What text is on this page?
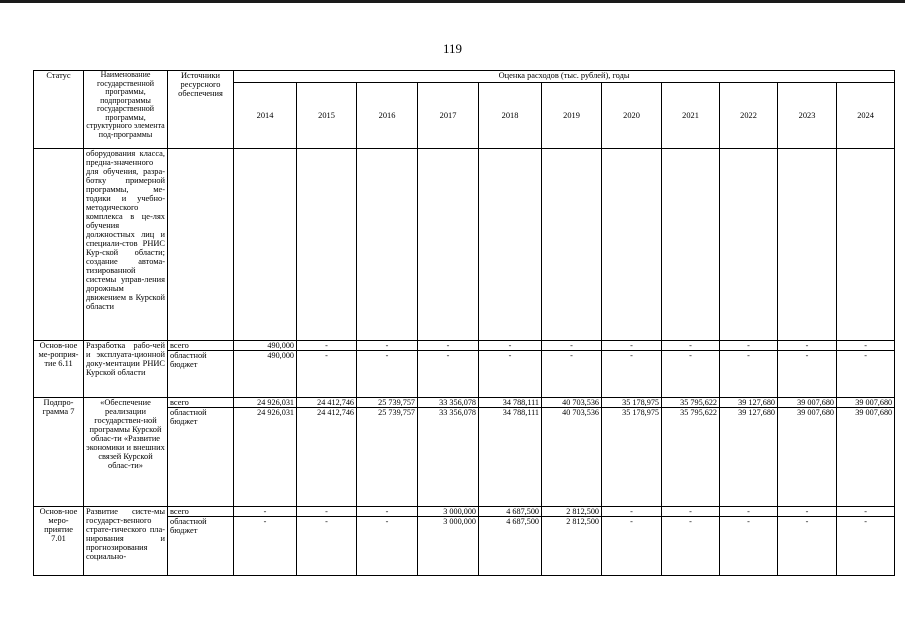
119
Статус	Наименование государственной программы, подпрограммы государственной программы, структурного элемента под-программы	Источники ресурсного обеспечения	Оценка расходов (тыс. рублей), годы										
			2014	2015	2016	2017	2018	2019	2020	2021	2022	2023	2024
	оборудования класса, предна-значенного для обучения, разра-ботку примерной программы, ме-тодики и учебно-методического комплекса в це-лях обучения должностных лиц и специали-стов РНИС Кур-ской области; создание автома-тизированной системы управ-ления дорожным движением в Курской области												
Основ-ное ме-роприя-тие 6.11	Разработка рабо-чей и эксплуата-ционной доку-ментации РНИС Курской области	всего	490,000	-	-	-	-	-	-	-	-	-	-
		областной бюджет	490,000	-	-	-	-	-	-	-	-	-	-
Подпро-грамма 7	«Обеспечение реализации государствен-ной программы Курской облас-ти «Развитие экономики и внешних связей Курской облас-ти»	всего	24 926,031	24 412,746	25 739,757	33 356,078	34 788,111	40 703,536	35 178,975	35 795,622	39 127,680	39 007,680	39 007,680
		областной бюджет	24 926,031	24 412,746	25 739,757	33 356,078	34 788,111	40 703,536	35 178,975	35 795,622	39 127,680	39 007,680	39 007,680
Основ-ное меро-приятие 7.01	Развитие систе-мы государст-венного страте-гического пла-нирования и прогнозирования социально-	всего	-	-	-	3 000,000	4 687,500	2 812,500	-	-	-	-	-
		областной бюджет	-	-	-	3 000,000	4 687,500	2 812,500	-	-	-	-	-
